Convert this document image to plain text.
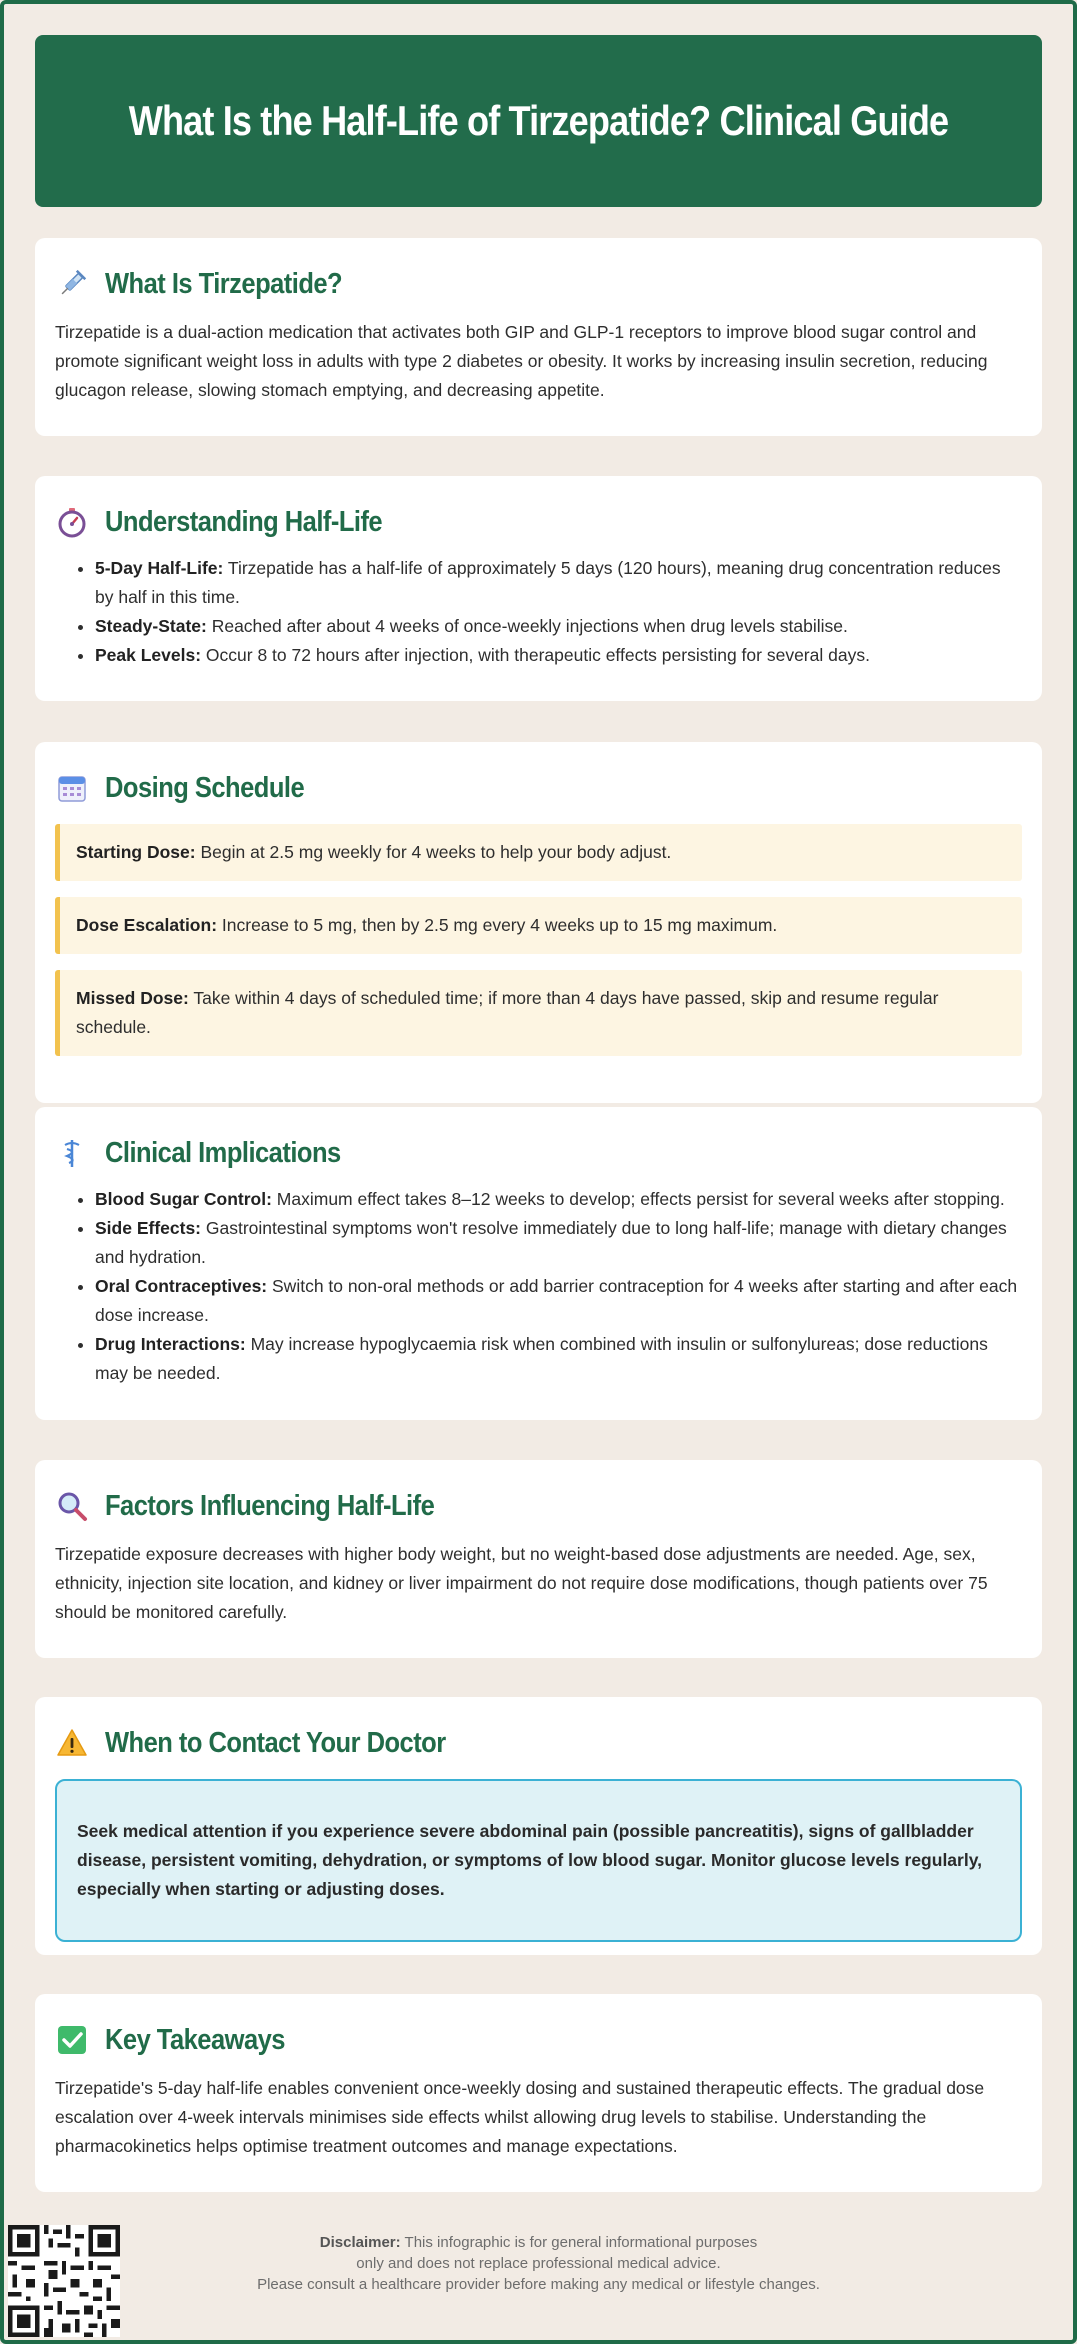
What Is the Half-Life of Tirzepatide? Clinical Guide
What Is Tirzepatide?

Tirzepatide is a dual-action medication that activates both GIP and GLP-1 receptors to improve blood sugar control and promote significant weight loss in adults with type 2 diabetes or obesity. It works by increasing insulin secretion, reducing glucagon release, slowing stomach emptying, and decreasing appetite.

Understanding Half-Life
• 5-Day Half-Life: Tirzepatide has a half-life of approximately 5 days (120 hours), meaning drug concentration reduces by half in this time.
• Steady-State: Reached after about 4 weeks of once-weekly injections when drug levels stabilise.
• Peak Levels: Occur 8 to 72 hours after injection, with therapeutic effects persisting for several days.
Dosing Schedule
Starting Dose: Begin at 2.5 mg weekly for 4 weeks to help your body adjust.
Dose Escalation: Increase to 5 mg, then by 2.5 mg every 4 weeks up to 15 mg maximum.
Missed Dose: Take within 4 days of scheduled time; if more than 4 days have passed, skip and resume regular schedule.
Clinical Implications
• Blood Sugar Control: Maximum effect takes 8–12 weeks to develop; effects persist for several weeks after stopping.
• Side Effects: Gastrointestinal symptoms won't resolve immediately due to long half-life; manage with dietary changes and hydration.
• Oral Contraceptives: Switch to non-oral methods or add barrier contraception for 4 weeks after starting and after each dose increase.
• Drug Interactions: May increase hypoglycaemia risk when combined with insulin or sulfonylureas; dose reductions may be needed.
Factors Influencing Half-Life

Tirzepatide exposure decreases with higher body weight, but no weight-based dose adjustments are needed. Age, sex, ethnicity, injection site location, and kidney or liver impairment do not require dose modifications, though patients over 75 should be monitored carefully.

When to Contact Your Doctor
Seek medical attention if you experience severe abdominal pain (possible pancreatitis), signs of gallbladder disease, persistent vomiting, dehydration, or symptoms of low blood sugar. Monitor glucose levels regularly, especially when starting or adjusting doses.
Key Takeaways

Tirzepatide's 5-day half-life enables convenient once-weekly dosing and sustained therapeutic effects. The gradual dose escalation over 4-week intervals minimises side effects whilst allowing drug levels to stabilise. Understanding the pharmacokinetics helps optimise treatment outcomes and manage expectations.

Disclaimer: This infographic is for general informational purposes
only and does not replace professional medical advice.
Please consult a healthcare provider before making any medical or lifestyle changes.
